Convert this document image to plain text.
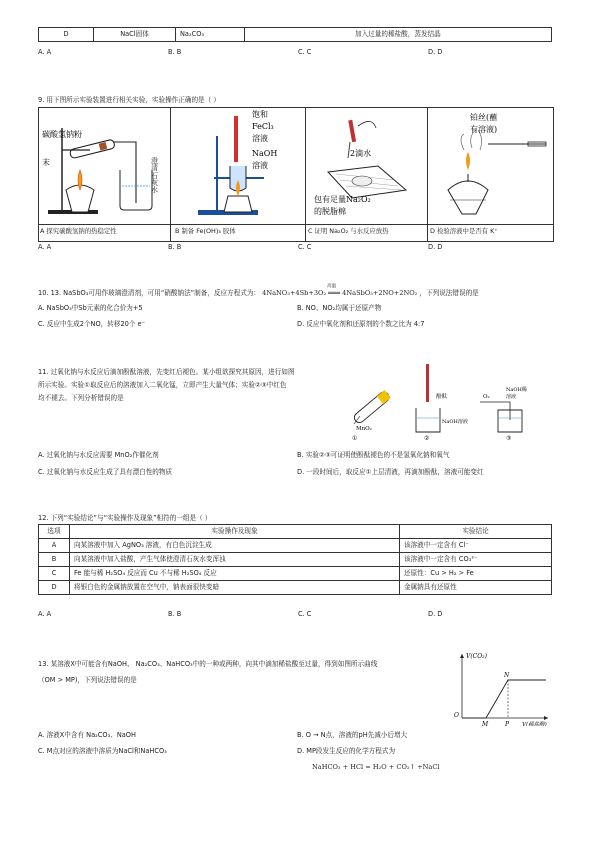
D	NaCl固体	Na₂CO₃	加入过量的稀盐酸，蒸发结晶
A. A	B. B	C. C	D. D
9. 用下图所示实验装置进行相关实验，实验操作正确的是（ ）
碳酸氢钠粉
末	澄清石灰水
A 探究碳酸氢钠的热稳定性
饱和
FeCl₃
溶液
NaOH
溶液
B 制备 Fe(OH)₃ 胶体
2滴水
包有足量Na₂O₂
的脱脂棉
C 证明 Na₂O₂ 与水反应放热
铂丝(蘸
有溶液)
D 检验溶液中是否有 K⁺
A. A	B. B	C. C	D. D
10. 13. NaSbO₃可用作玻璃澄清剂，可用“硝酸钠法”制备，反应方程式为： 4NaNO₃+4Sb+3O₂ ═══ 4NaSbO₃+2NO+2NO₂
高温
，下列说法错误的是
A. NaSbO₃中Sb元素的化合价为+5	B. NO、NO₂均属于还原产物
C. 反应中生成2个NO，转移20个 e⁻	D. 反应中氧化剂和还原剂的个数之比为 4:7
11. 过氧化钠与水反应后滴加酚酞溶液，先变红后褪色。某小组欲探究其原因，进行如图
所示实验。实验①取反应后的溶液加入二氧化锰，立即产生大量气体；实验②③中红色
均不褪去。下列分析错误的是
MnO₂
①
酚酞
NaOH溶液
②
O₂
NaOH稀
溶液
③
A. 过氧化钠与水反应需要 MnO₂作催化剂	B. 实验②③可证明使酚酞褪色的不是氢氧化钠和氧气
C. 过氧化钠与水反应生成了具有漂白性的物质	D. 一段时间后，取反应①上层清液，再滴加酚酞，溶液可能变红
12. 下列“实验结论”与“实验操作及现象”相符的一组是（ ）
选项	实验操作及现象	实验结论
A	向某溶液中加入 AgNO₃ 溶液，有白色沉淀生成	该溶液中一定含有 Cl⁻
B	向某溶液中加入盐酸，产生气体使澄清石灰水变浑浊	该溶液中一定含有 CO₃²⁻
C	Fe 能与稀 H₂SO₄ 反应而 Cu 不与稀 H₂SO₄ 反应	还原性：Cu > H₂ > Fe
D	将银白色的金属钠放置在空气中，钠表面很快变暗	金属钠具有还原性
A. A	B. B	C. C	D. D
13. 某溶液X中可能含有NaOH、 Na₂CO₃、NaHCO₃中的一种或两种，向其中滴加稀盐酸至过量，得到如图所示曲线
（OM > MP)，下列说法错误的是
V(CO₂)
O
M	P
N
V(稀盐酸)
A. 溶液X中含有 Na₂CO₃、NaOH	B. O → N点，溶液的pH先减小后增大
C. M点对应的溶液中溶质为NaCl和NaHCO₃	D. MP段发生反应的化学方程式为
NaHCO₃ + HCl = H₂O + CO₂↑ +NaCl
